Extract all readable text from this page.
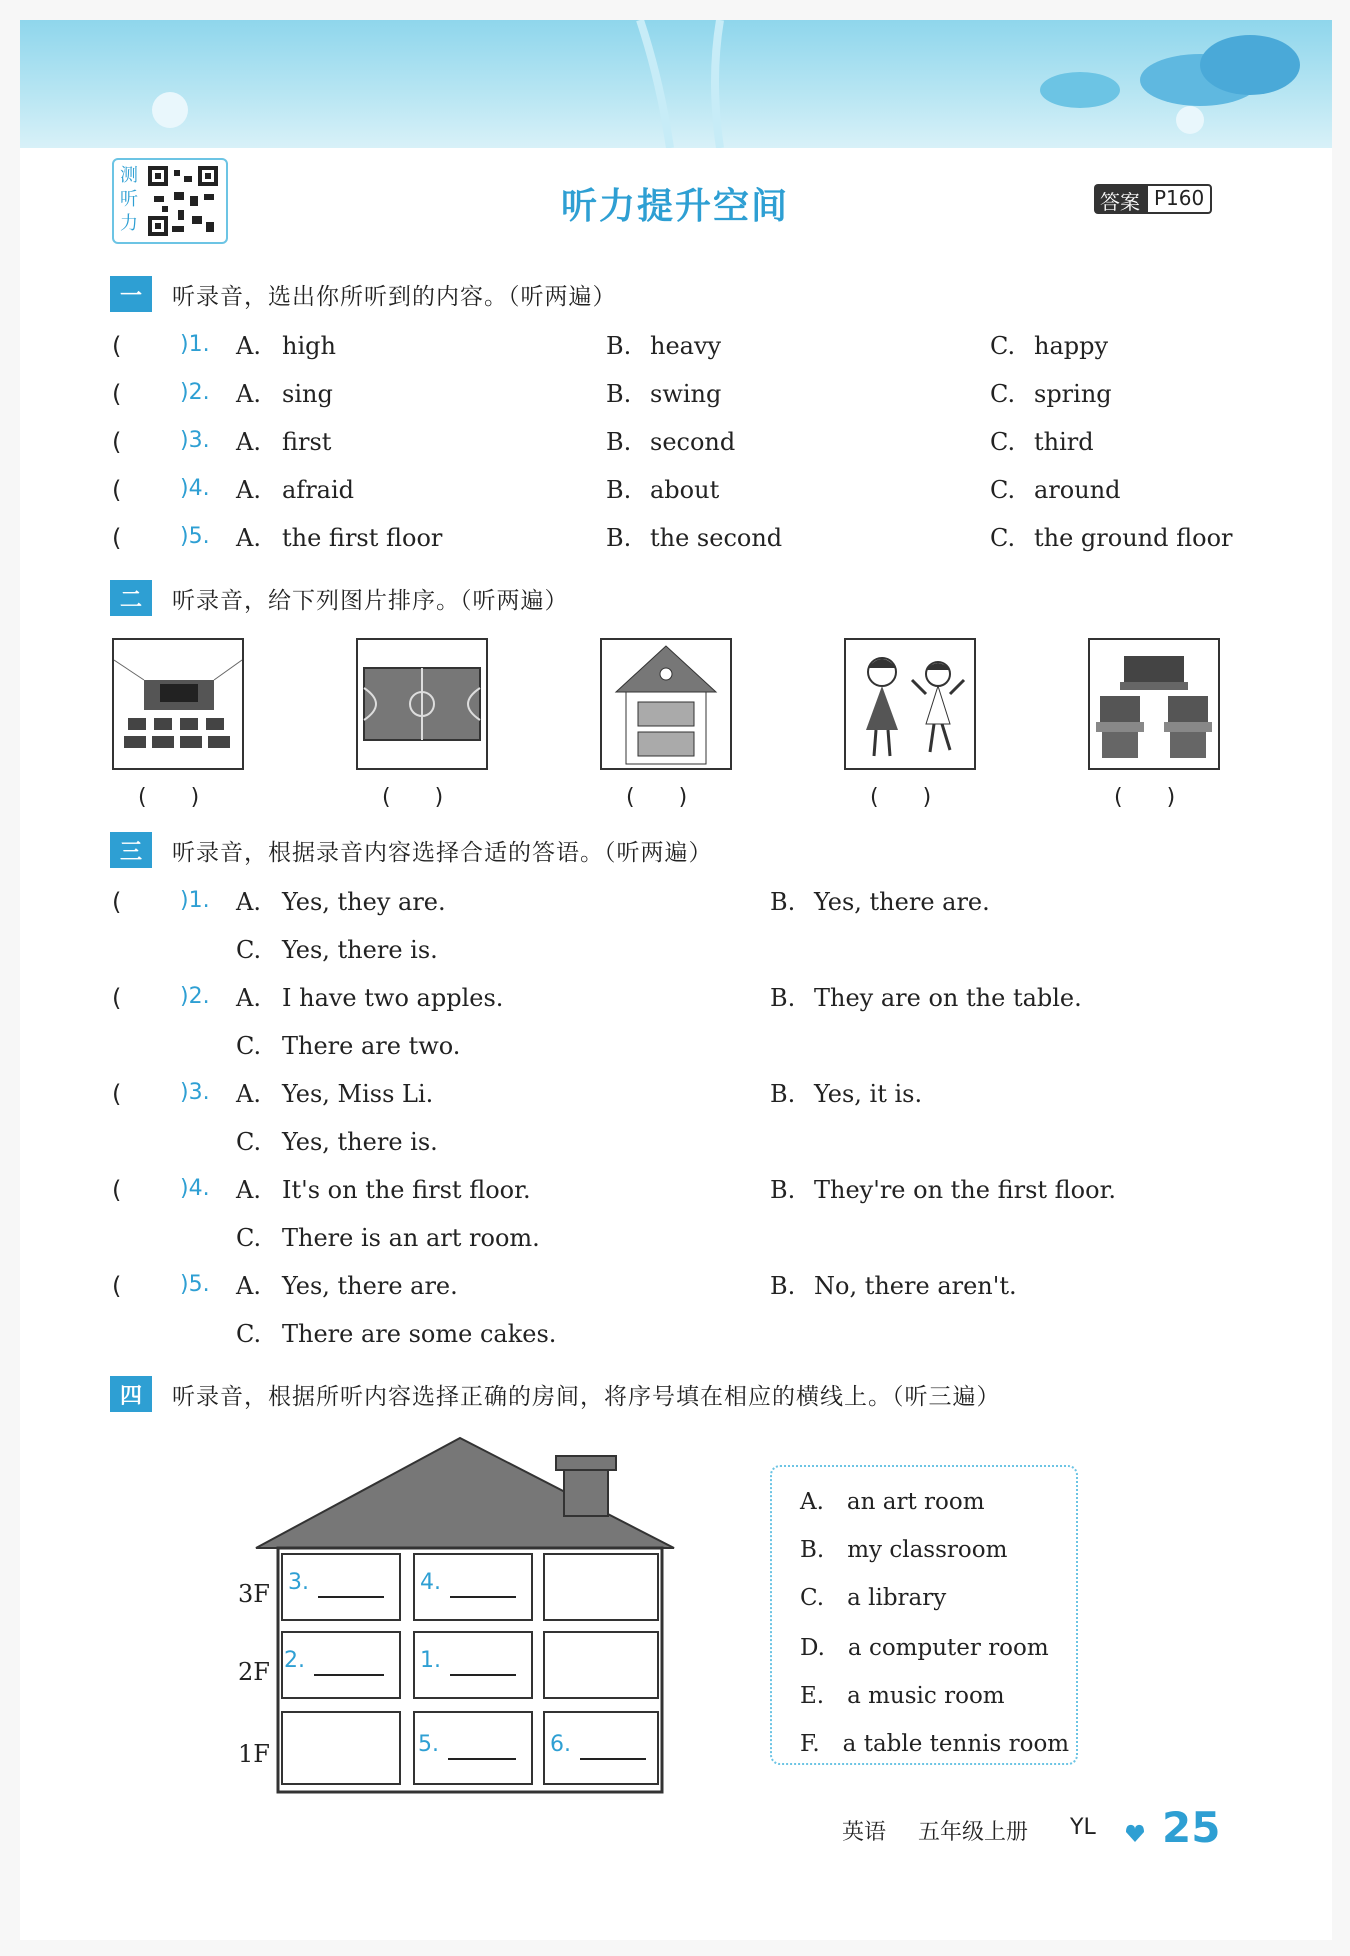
测听力	听力提升空间	答案 P160
一	听录音，选出你所听到的内容。（听两遍）
(	)1. A. high	B. heavy	C. happy
(	)2. A. sing	B. swing	C. spring
(	)3. A. first	B. second	C. third
(	)4. A. afraid	B. about	C. around
(	)5. A. the first floor	B. the second	C. the ground floor
二	听录音，给下列图片排序。（听两遍）
(　　)	(　　)	(　　)	(　　)	(　　)
三	听录音，根据录音内容选择合适的答语。（听两遍）
(	)1. A. Yes, they are.	B. Yes, there are.
C. Yes, there is.
(	)2. A. I have two apples.	B. They are on the table.
C. There are two.
(	)3. A. Yes, Miss Li.	B. Yes, it is.
C. Yes, there is.
(	)4. A. It's on the first floor.	B. They're on the first floor.
C. There is an art room.
(	)5. A. Yes, there are.	B. No, there aren't.
C. There are some cakes.
四	听录音，根据所听内容选择正确的房间，将序号填在相应的横线上。（听三遍）
3F
2F
1F
3.	4.
2.	1.
5.	6.
A.　an art room
B.　my classroom
C.　a library
D.　a computer room
E.　a music room
F.　a table tennis room
英语 五年级上册 YL 25
